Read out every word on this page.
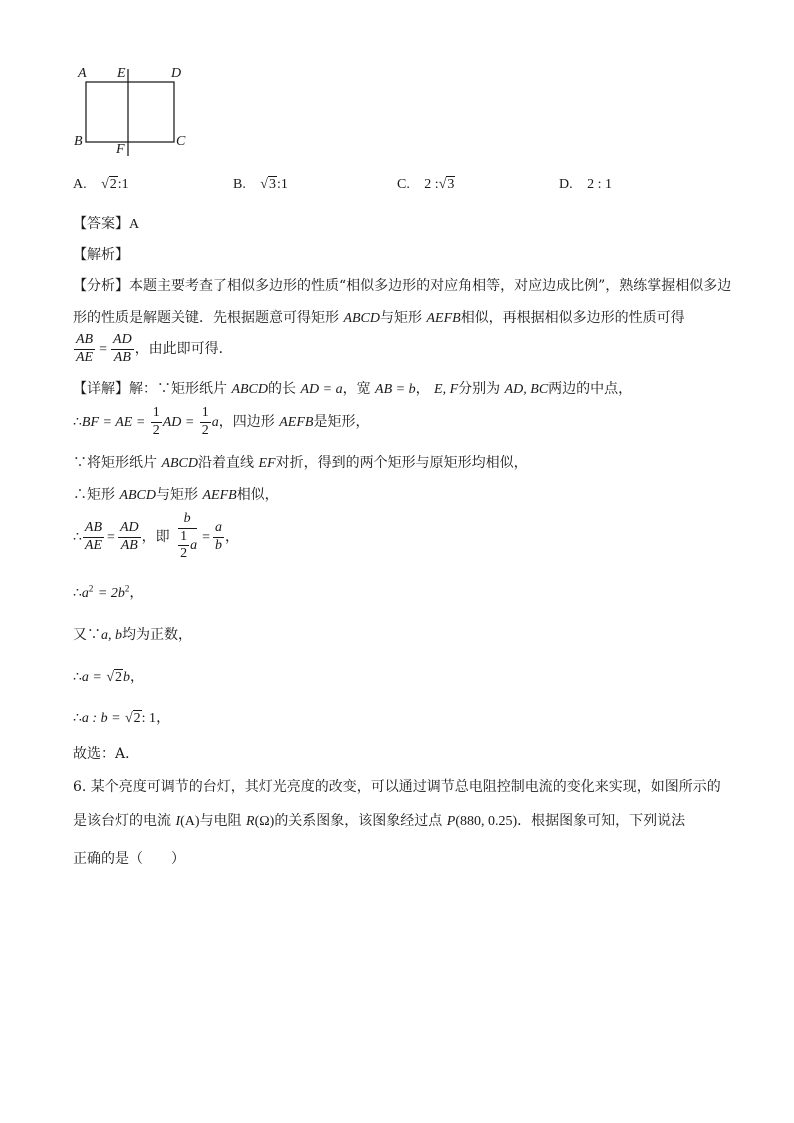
A E	D
B
F
C
A. √2:1	B. √3:1	C. 2 :√3	D. 2 : 1
【答案】A
【解析】
【分析】本题主要考查了相似多边形的性质“相似多边形的对应角相等，对应边成比例”，熟练掌握相似多边
形的性质是解题关键．先根据题意可得矩形 ABCD与矩形 AEFB相似，再根据相似多边形的性质可得
$\frac{AB}{AE} = \frac{AD}{AB}$ ，由此即可得．
【详解】解：∵矩形纸片 ABCD的长 AD = a，宽 AB = b， E, F分别为 AD, BC两边的中点，
∴BF = AE = $\frac{1}{2}$ AD = $\frac{1}{2}$ a，四边形 AEFB是矩形，
∵将矩形纸片 ABCD沿着直线 EF对折，得到的两个矩形与原矩形均相似，
∴矩形 ABCD与矩形 AEFB相似，
∴ $\frac{AB}{AE} = \frac{AD}{AB}$ ，即 $\frac{b}{\frac{1}{2} a} = \frac{a}{b}$ ，
$\therefore a^2 = 2b^2$，
又∵a, b均为正数，
∴a = √2b，
∴a : b = √2: 1，
故选：A．
6. 某个亮度可调节的台灯，其灯光亮度的改变，可以通过调节总电阻控制电流的变化来实现，如图所示的
是该台灯的电流 I(A)与电阻 R(Ω)的关系图象，该图象经过点 P(880, 0.25)．根据图象可知，下列说法
正确的是（　　）
